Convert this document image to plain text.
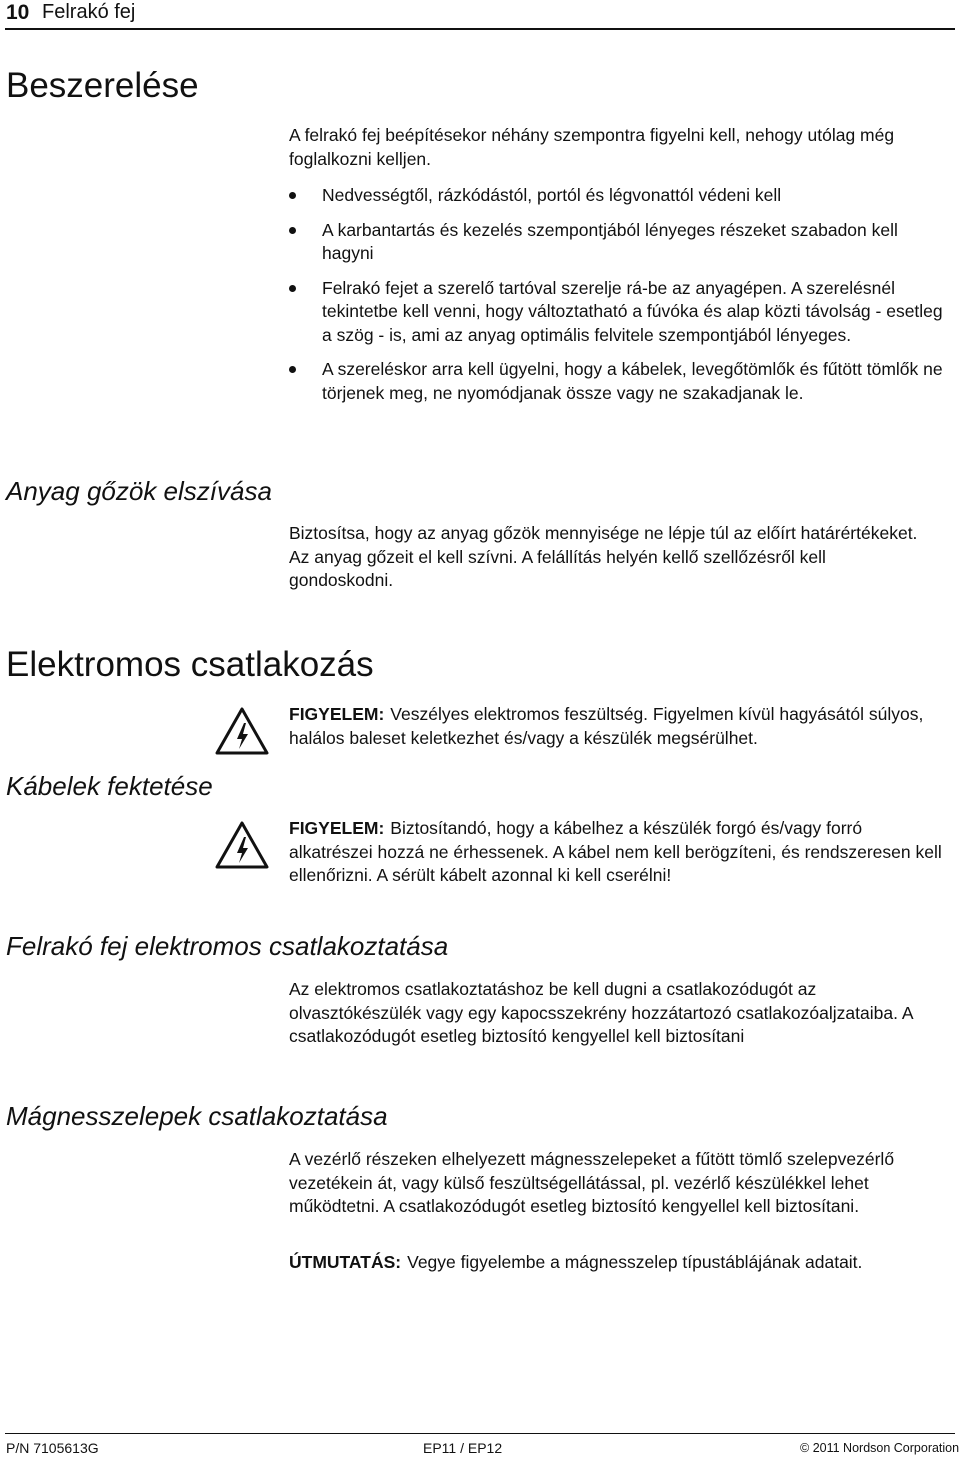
10 Felrakó fej
Beszerelése
A felrakó fej beépítésekor néhány szempontra figyelni kell, nehogy utólag még foglalkozni kelljen.
Nedvességtől, rázkódástól, portól és légvonattól védeni kell
A karbantartás és kezelés szempontjából lényeges részeket szabadon kell hagyni
Felrakó fejet a szerelő tartóval szerelje rá-be az anyagépen. A szerelésnél tekintetbe kell venni, hogy változtatható a fúvóka és alap közti távolság - esetleg a szög - is, ami az anyag optimális felvitele szempontjából lényeges.
A szereléskor arra kell ügyelni, hogy a kábelek, levegőtömlők és fűtött tömlők ne törjenek meg, ne nyomódjanak össze vagy ne szakadjanak le.
Anyag gőzök elszívása
Biztosítsa, hogy az anyag gőzök mennyisége ne lépje túl az előírt határértékeket. Az anyag gőzeit el kell szívni. A felállítás helyén kellő szellőzésről kell gondoskodni.
Elektromos csatlakozás
FIGYELEM: Veszélyes elektromos feszültség. Figyelmen kívül hagyásától súlyos, halálos baleset keletkezhet és/vagy a készülék megsérülhet.
Kábelek fektetése
FIGYELEM: Biztosítandó, hogy a kábelhez a készülék forgó és/vagy forró alkatrészei hozzá ne érhessenek. A kábel nem kell berögzíteni, és rendszeresen kell ellenőrizni. A sérült kábelt azonnal ki kell cserélni!
Felrakó fej elektromos csatlakoztatása
Az elektromos csatlakoztatáshoz be kell dugni a csatlakozódugót az olvasztókészülék vagy egy kapocsszekrény hozzátartozó csatlakozóaljzataiba. A csatlakozódugót esetleg biztosító kengyellel kell biztosítani
Mágnesszelepek csatlakoztatása
A vezérlő részeken elhelyezett mágnesszelepeket a fűtött tömlő szelepvezérlő vezetékein át, vagy külső feszültségellátással, pl. vezérlő készülékkel lehet működtetni. A csatlakozódugót esetleg biztosító kengyellel kell biztosítani.
ÚTMUTATÁS: Vegye figyelembe a mágnesszelep típustáblájának adatait.
P/N 7105613G	EP11 / EP12	© 2011 Nordson Corporation
